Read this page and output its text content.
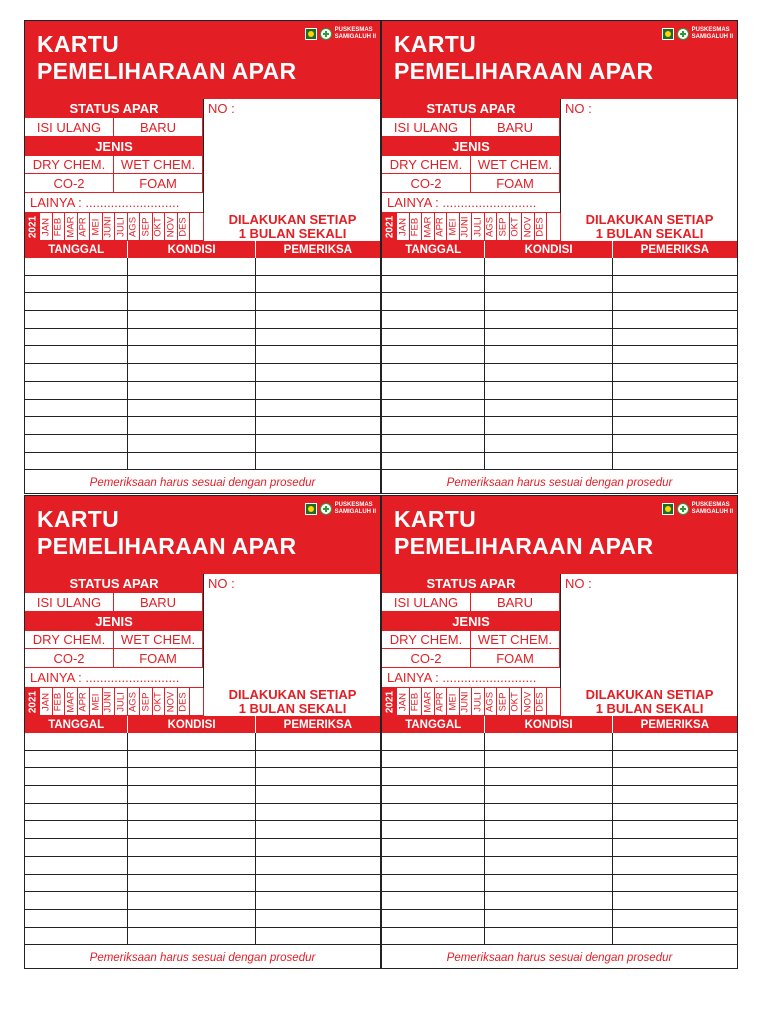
KARTU
PEMELIHARAAN APAR
PUSKESMAS
SAMIGALUH II
STATUS APAR
ISI ULANG	BARU
JENIS
DRY CHEM.	WET CHEM.
CO-2	FOAM
LAINYA : ..........................
NO :
2021 JAN FEB MAR APR MEI JUNI JULI AGS SEP OKT NOV DES	DILAKUKAN SETIAP
1 BULAN SEKALI
TANGGAL	KONDISI	PEMERIKSA
Pemeriksaan harus sesuai dengan prosedur
KARTU
PEMELIHARAAN APAR
PUSKESMAS
SAMIGALUH II
STATUS APAR
ISI ULANG	BARU
JENIS
DRY CHEM.	WET CHEM.
CO-2	FOAM
LAINYA : ..........................
NO :
2021 JAN FEB MAR APR MEI JUNI JULI AGS SEP OKT NOV DES	DILAKUKAN SETIAP
1 BULAN SEKALI
TANGGAL	KONDISI	PEMERIKSA
Pemeriksaan harus sesuai dengan prosedur
KARTU
PEMELIHARAAN APAR
PUSKESMAS
SAMIGALUH II
STATUS APAR
ISI ULANG	BARU
JENIS
DRY CHEM.	WET CHEM.
CO-2	FOAM
LAINYA : ..........................
NO :
2021 JAN FEB MAR APR MEI JUNI JULI AGS SEP OKT NOV DES	DILAKUKAN SETIAP
1 BULAN SEKALI
TANGGAL	KONDISI	PEMERIKSA
Pemeriksaan harus sesuai dengan prosedur
KARTU
PEMELIHARAAN APAR
PUSKESMAS
SAMIGALUH II
STATUS APAR
ISI ULANG	BARU
JENIS
DRY CHEM.	WET CHEM.
CO-2	FOAM
LAINYA : ..........................
NO :
2021 JAN FEB MAR APR MEI JUNI JULI AGS SEP OKT NOV DES	DILAKUKAN SETIAP
1 BULAN SEKALI
TANGGAL	KONDISI	PEMERIKSA
Pemeriksaan harus sesuai dengan prosedur
